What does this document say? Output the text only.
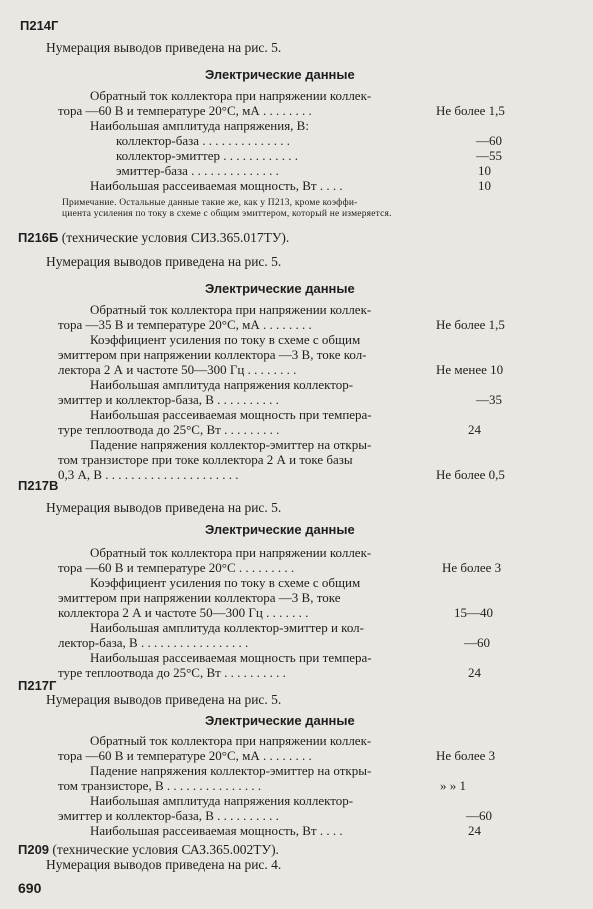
П214Г
Нумерация выводов приведена на рис. 5.
Электрические данные
Обратный ток коллектора при напряжении коллек-
тора —60 В и температуре 20°С, мА . . . . . . . .	Не более 1,5
Наибольшая амплитуда напряжения, В:
коллектор-база . . . . . . . . . . . . . .	—60
коллектор-эмиттер . . . . . . . . . . . .	—55
эмиттер-база . . . . . . . . . . . . . .	10
Наибольшая рассеиваемая мощность, Вт . . . .	10
Примечание. Остальные данные такие же, как у П213, кроме коэффи-
циента усиления по току в схеме с общим эмиттером, который не измеряется.
П216Б (технические условия СИЗ.365.017ТУ).
Нумерация выводов приведена на рис. 5.
Электрические данные
Обратный ток коллектора при напряжении коллек-
тора —35 В и температуре 20°С, мА . . . . . . . .	Не более 1,5
Коэффициент усиления по току в схеме с общим
эмиттером при напряжении коллектора —3 В, токе кол-
лектора 2 А и частоте 50—300 Гц . . . . . . . .	Не менее 10
Наибольшая амплитуда напряжения коллектор-
эмиттер и коллектор-база, В . . . . . . . . . .	—35
Наибольшая рассеиваемая мощность при темпера-
туре теплоотвода до 25°С, Вт . . . . . . . . .	24
Падение напряжения коллектор-эмиттер на откры-
том транзисторе при токе коллектора 2 А и токе базы
0,3 А, В . . . . . . . . . . . . . . . . . . . . .	Не более 0,5
П217В
Нумерация выводов приведена на рис. 5.
Электрические данные
Обратный ток коллектора при напряжении коллек-
тора —60 В и температуре 20°С . . . . . . . . .	Не более 3
Коэффициент усиления по току в схеме с общим
эмиттером при напряжении коллектора —3 В, токе
коллектора 2 А и частоте 50—300 Гц . . . . . . .	15—40
Наибольшая амплитуда коллектор-эмиттер и кол-
лектор-база, В . . . . . . . . . . . . . . . . .	—60
Наибольшая рассеиваемая мощность при темпера-
туре теплоотвода до 25°С, Вт . . . . . . . . . .	24
П217Г
Нумерация выводов приведена на рис. 5.
Электрические данные
Обратный ток коллектора при напряжении коллек-
тора —60 В и температуре 20°С, мА . . . . . . . .	Не более 3
Падение напряжения коллектор-эмиттер на откры-
том транзисторе, В . . . . . . . . . . . . . . .	» » 1
Наибольшая амплитуда напряжения коллектор-
эмиттер и коллектор-база, В . . . . . . . . . .	—60
Наибольшая рассеиваемая мощность, Вт . . . .	24
П209 (технические условия САЗ.365.002ТУ).
Нумерация выводов приведена на рис. 4.
690
